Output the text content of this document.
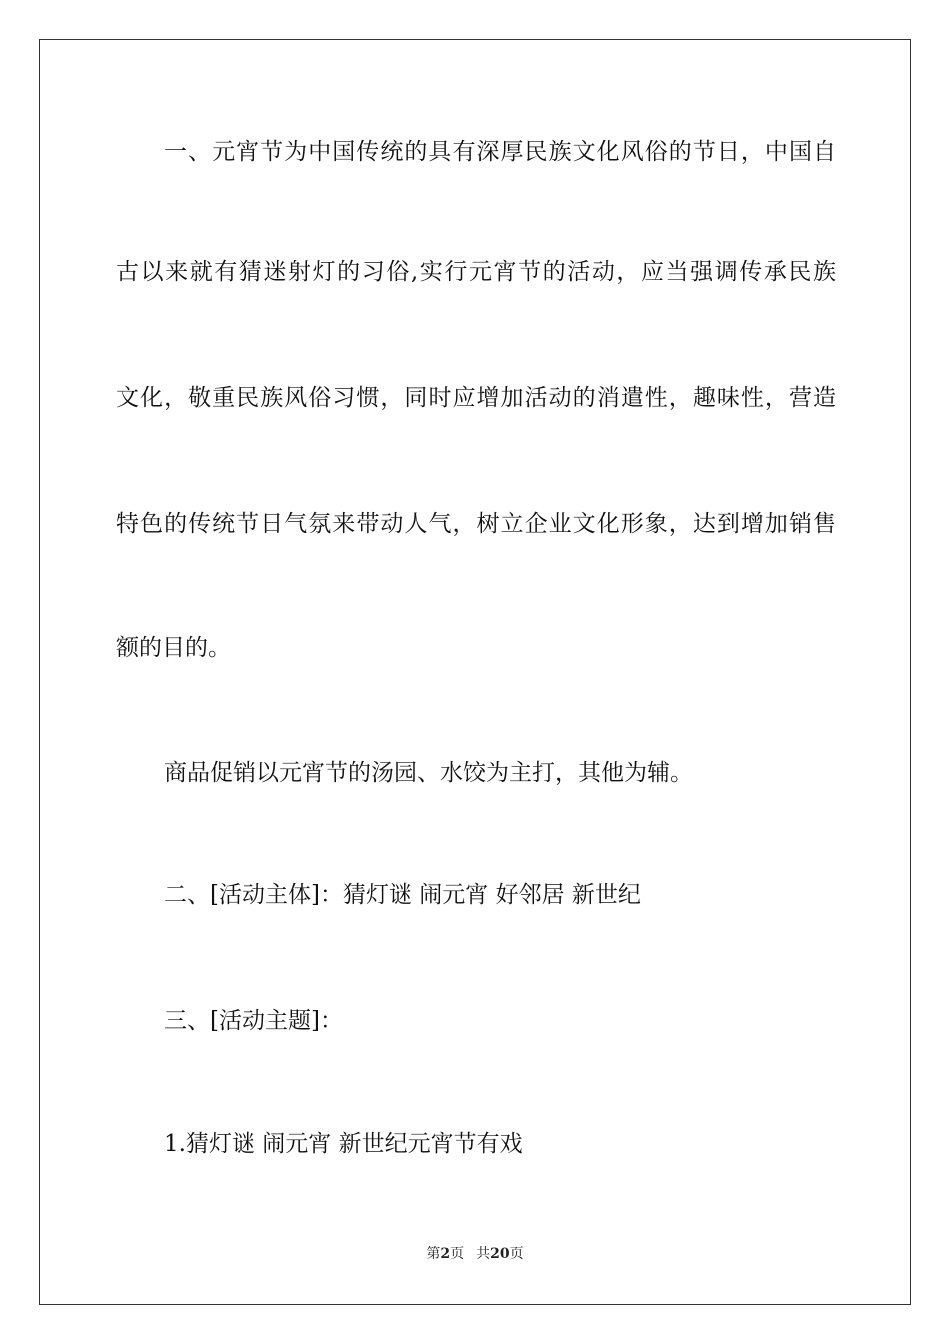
一、元宵节为中国传统的具有深厚民族文化风俗的节日，中国自
古以来就有猜迷射灯的习俗,实行元宵节的活动，应当强调传承民族
文化，敬重民族风俗习惯，同时应增加活动的消遣性，趣味性，营造
特色的传统节日气氛来带动人气，树立企业文化形象，达到增加销售
额的目的。
商品促销以元宵节的汤园、水饺为主打，其他为辅。
二、[活动主体]：猜灯谜 闹元宵 好邻居 新世纪
三、[活动主题]：
1.猜灯谜 闹元宵 新世纪元宵节有戏
第2页 共20页
